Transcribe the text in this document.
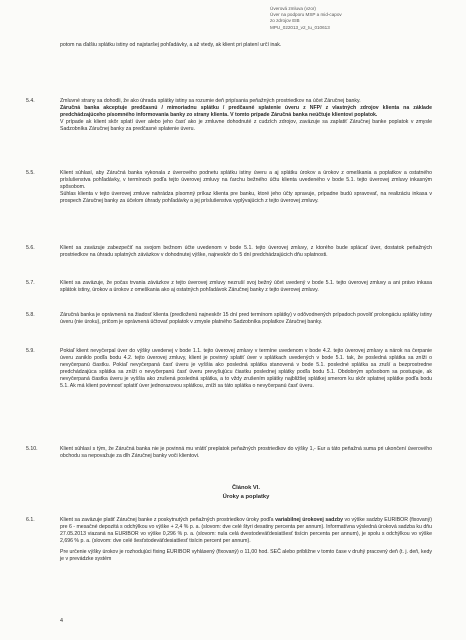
Úverová zmluva (vzor)
Úver na podporu MSP a mid-capov
zo zdrojov EIB
MPU_022013_v2_tu_010613
potom na ďalšiu splátku istiny od najstaršej pohľadávky, a až vtedy, ak klient pri platení určí inak.
5.4.	Zmluvné strany sa dohodli, že ako úhrada splátky istiny sa rozumie deň pripísania peňažných prostriedkov na účet Záručnej banky.
Záručná banka akceptuje predčasnú / mimoriadnu splátku / predčasné splatenie úveru z NFP/ z vlastných zdrojov klienta na základe predchádzajúceho písomného informovania banky zo strany klienta. V tomto prípade Záručná banka neúčtuje klientovi poplatok.
V prípade ak klient skôr splatí úver alebo jeho časť ako je zmluvne dohodnuté z cudzích zdrojov, zaväzuje sa zaplatiť Záručnej banke poplatok v zmysle Sadzobníka Záručnej banky za predčasné splatenie úveru.
5.5.	Klient súhlasí, aby Záručná banka vykonala z úverového podnetu splátku istiny úveru a aj splátku úrokov a úrokov z omeškania a poplatkov a ostatného príslušenstva pohľadávky, v termínoch podľa tejto úverovej zmluvy na ťarchu bežného účtu klienta uvedeného v bode 5.1. tejto úverovej zmluvy inkasným spôsobom.
Súhlas klienta v tejto úverovej zmluve nahrádza písomný príkaz klienta pre banku, ktoré jeho účty spravuje, prípadne budú spravovať, na realizáciu inkasa v prospech Záručnej banky za účelom úhrady pohľadávky a jej príslušenstva vyplývajúcich z tejto úverovej zmluvy.
5.6.	Klient sa zaväzuje zabezpečiť na svojom bežnom účte uvedenom v bode 5.1. tejto úverovej zmluvy, z ktorého bude splácať úver, dostatok peňažných prostriedkov na úhradu splatných záväzkov v dohodnutej výške, najneskôr do 5 dní predchádzajúcich dňu splatnosti.
5.7.	Klient sa zaväzuje, že počas trvania záväzkov z tejto úverovej zmluvy nezruší svoj bežný účet uvedený v bode 5.1. tejto úverovej zmluvy a ani právo inkasa splátok istiny, úrokov a úrokov z omeškania ako aj ostatných pohľadávok Záručnej banky z tejto úverovej zmluvy.
5.8.	Záručná banka je oprávnená na žiadosť klienta (predloženú najneskôr 15 dní pred termínom splátky) v odôvodnených prípadoch povoliť prolongáciu splátky istiny úveru (nie úroku), pričom je oprávnená účtovať poplatok v zmysle platného Sadzobníka poplatkov Záručnej banky.
5.9.	Pokiaľ klient nevyčerpal úver do výšky uvedenej v bode 1.1. tejto úverovej zmluvy v termíne uvedenom v bode 4.2. tejto úverovej zmluvy a nárok na čerpanie úveru zaniklo podľa bodu 4.2. tejto úverovej zmluvy, klient je povinný splatiť úver v splátkach uvedených v bode 5.1. tak, že posledná splátka sa zníži o nevyčerpanú čiastku. Pokiaľ nevyčerpaná časť úveru je vyššia ako posledná splátka stanovená v bode 5.1. posledné splátka sa zruší a bezprostredne predchádzajúca splátka sa zníži o nevyčerpanú časť úveru prevyšujúcu čiastku poslednej splátky podľa bodu 5.1. Obdobným spôsobom sa postupuje, ak nevyčerpaná čiastka úveru je vyššia ako zrušená posledná splátka, a to vždy zrušením splátky najbližšej splátkej smerom ku skôr splatnej splátke podľa bodu 5.1. Ak má klient povinnosť splatiť úver jednorazovou splátkou, zníži sa táto splátka o nevyčerpanú časť úveru.
5.10.	Klient súhlasí s tým, že Záručná banka nie je povinná mu vrátiť preplatok peňažných prostriedkov do výšky 1,- Eur a táto peňažná suma pri ukončení úverového obchodu sa nepovažuje za dlh Záručnej banky voči klientovi.
Článok VI.
Úroky a poplatky
6.1.	Klient sa zaväzuje platiť Záručnej banke z poskytnutých peňažných prostriedkov úroky podľa variabilnej úrokovej sadzby vo výške sadzby EURIBOR (fixovaný) pre 6 - mesačné depozitá s odchýlkou vo výške + 2,4 % p. a. (slovom: dve celé štyri desatiny percenta per annum). Informatívna výsledná úroková sadzba ku dňu 27.05.2013 viazaná na EURIBOR vo výške 0,296 % p. a. (slovom: nula celá dvestodeväťdesiatšesť tisícin percenta per annum), je spolu s odchýlkou vo výške 2,696 % p. a. (slovom: dve celé šesťstodeväťdesiatšesť tisícin percent per annum).
Pre určenie výšky úrokov je rozhodujúci fixing EURIBOR vyhlásený (fixovaný) o 11,00 hod. SEČ alebo približne v tomto čase v druhý pracovný deň (t. j. deň, kedy je v prevádzke systém
4
